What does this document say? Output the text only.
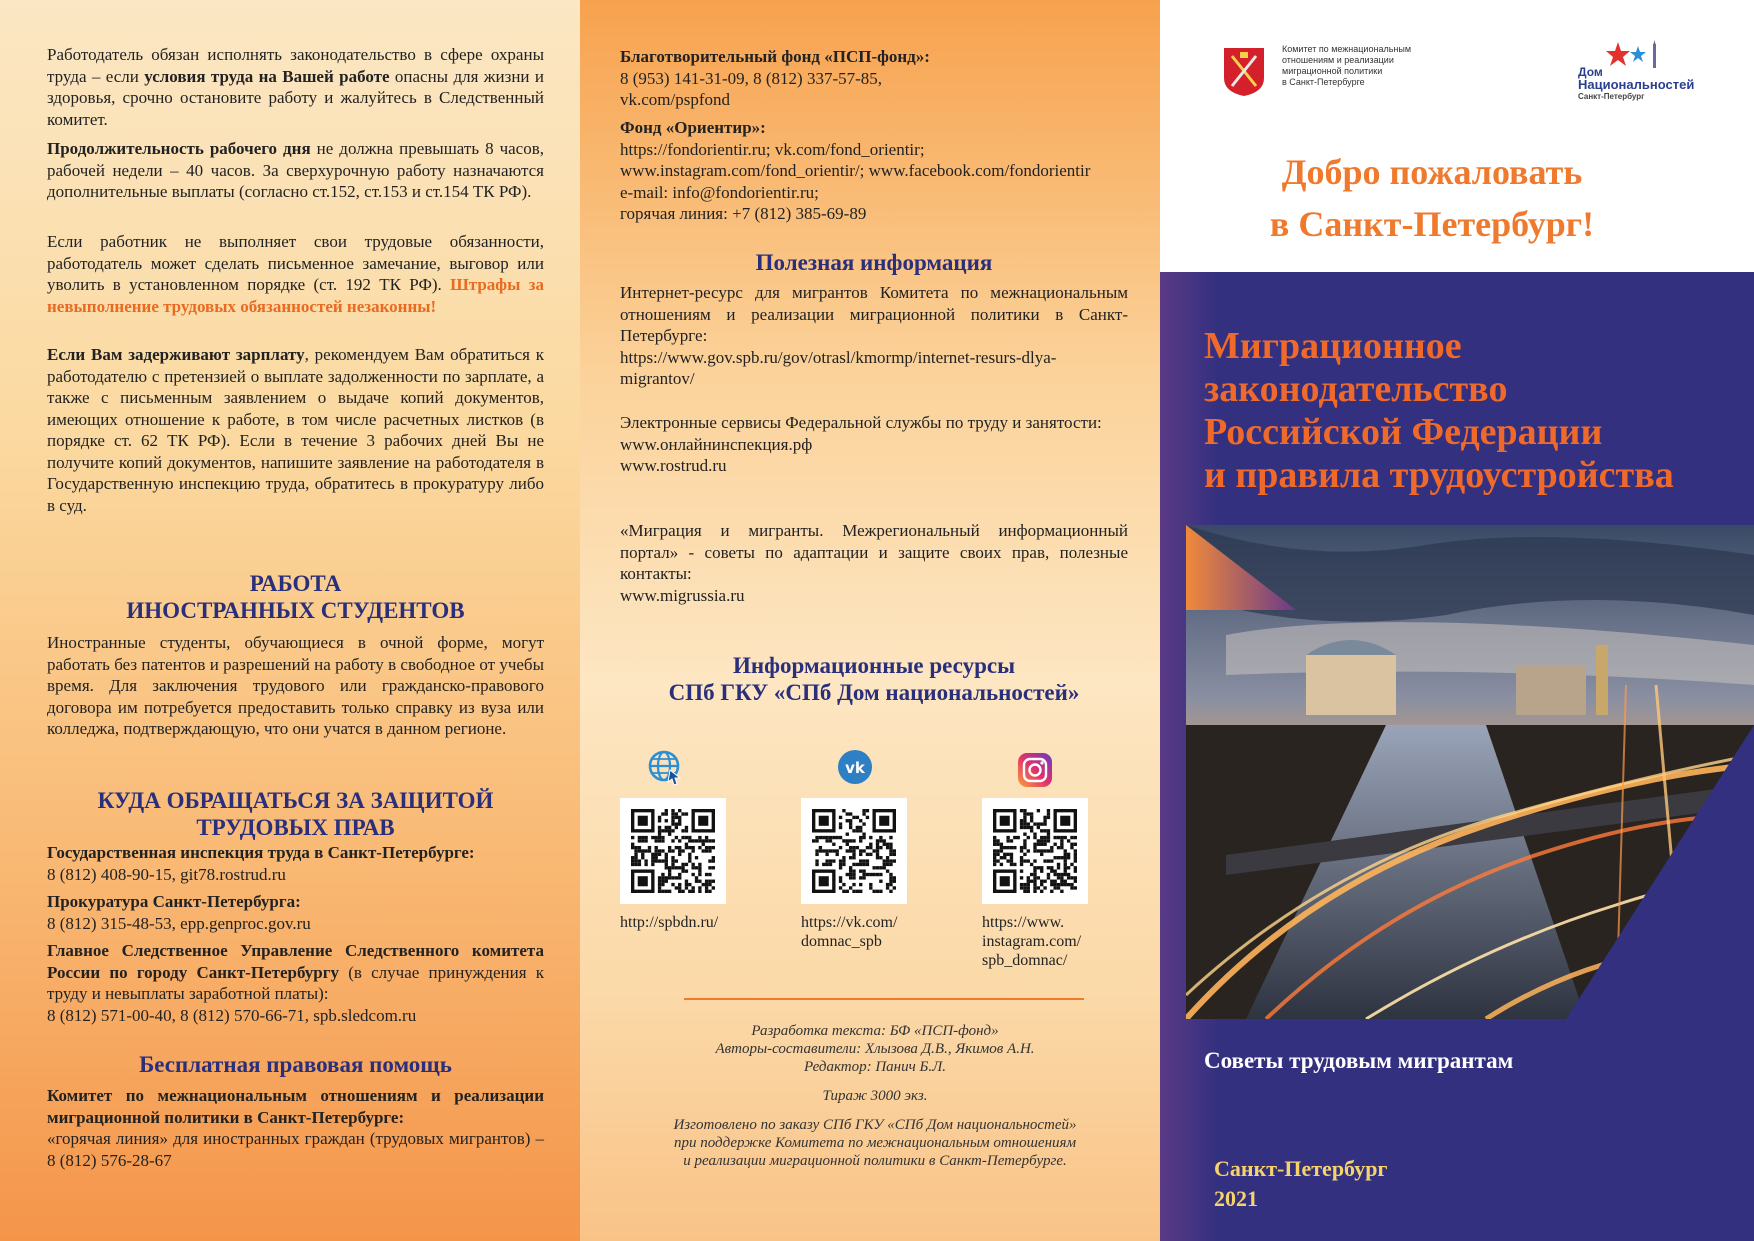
Работодатель обязан исполнять законодательство в сфере охраны труда – если условия труда на Вашей работе опасны для жизни и здоровья, срочно остановите работу и жалуйтесь в Следственный комитет.
Продолжительность рабочего дня не должна превышать 8 часов, рабочей недели – 40 часов. За сверхурочную работу назначаются дополнительные выплаты (согласно ст.152, ст.153 и ст.154 ТК РФ).
Если работник не выполняет свои трудовые обязанности, работодатель может сделать письменное замечание, выговор или уволить в установленном порядке (ст. 192 ТК РФ). Штрафы за невыполнение трудовых обязанностей незаконны!
Если Вам задерживают зарплату, рекомендуем Вам обратиться к работодателю с претензией о выплате задолженности по зарплате, а также с письменным заявлением о выдаче копий документов, имеющих отношение к работе, в том числе расчетных листков (в порядке ст. 62 ТК РФ). Если в течение 3 рабочих дней Вы не получите копий документов, напишите заявление на работодателя в Государственную инспекцию труда, обратитесь в прокуратуру либо в суд.
РАБОТА
ИНОСТРАННЫХ СТУДЕНТОВ
Иностранные студенты, обучающиеся в очной форме, могут работать без патентов и разрешений на работу в свободное от учебы время. Для заключения трудового или гражданско-правового договора им потребуется предоставить только справку из вуза или колледжа, подтверждающую, что они учатся в данном регионе.
КУДА ОБРАЩАТЬСЯ ЗА ЗАЩИТОЙ
ТРУДОВЫХ ПРАВ
Государственная инспекция труда в Санкт-Петербурге:
8 (812) 408-90-15, git78.rostrud.ru
Прокуратура Санкт-Петербурга:
8 (812) 315-48-53, epp.genproc.gov.ru
Главное Следственное Управление Следственного комитета России по городу Санкт-Петербургу (в случае принуждения к труду и невыплаты заработной платы):
8 (812) 571-00-40, 8 (812) 570-66-71, spb.sledcom.ru
Бесплатная правовая помощь
Комитет по межнациональным отношениям и реализации миграционной политики в Санкт-Петербурге:
«горячая линия» для иностранных граждан (трудовых мигрантов) – 8 (812) 576-28-67
Благотворительный фонд «ПСП-фонд»:
8 (953) 141-31-09, 8 (812) 337-57-85,
vk.com/pspfond
Фонд «Ориентир»:
https://fondorientir.ru; vk.com/fond_orientir; www.instagram.com/fond_orientir/; www.facebook.com/fondorientir
e-mail: info@fondorientir.ru;
горячая линия: +7 (812) 385-69-89
Полезная информация
Интернет-ресурс для мигрантов Комитета по межнациональным отношениям и реализации миграционной политики в Санкт-Петербурге:
https://www.gov.spb.ru/gov/otrasl/kmormp/internet-resurs-dlya-migrantov/
Электронные сервисы Федеральной службы по труду и занятости:
www.онлайнинспекция.рф
www.rostrud.ru
«Миграция и мигранты. Межрегиональный информационный портал» - советы по адаптации и защите своих прав, полезные контакты:
www.migrussia.ru
Информационные ресурсы
СПб ГКУ «СПб Дом национальностей»
vk
http://spbdn.ru/	https://vk.com/
domnac_spb
https://www.
instagram.com/
spb_domnac/
Разработка текста: БФ «ПСП-фонд»
Авторы-составители: Хлызова Д.В., Якимов А.Н.
Редактор: Панич Б.Л.
Тираж 3000 экз.
Изготовлено по заказу СПб ГКУ «СПб Дом национальностей»
при поддержке Комитета по межнациональным отношениям
и реализации миграционной политики в Санкт-Петербурге.
Комитет по межнациональным
отношениям и реализации
миграционной политики
в Санкт-Петербурге
Дом
Национальностей
Санкт-Петербург
Добро пожаловать
в Санкт-Петербург!
Миграционное
законодательство
Российской Федерации
и правила трудоустройства
Советы трудовым мигрантам
Санкт-Петербург
2021
